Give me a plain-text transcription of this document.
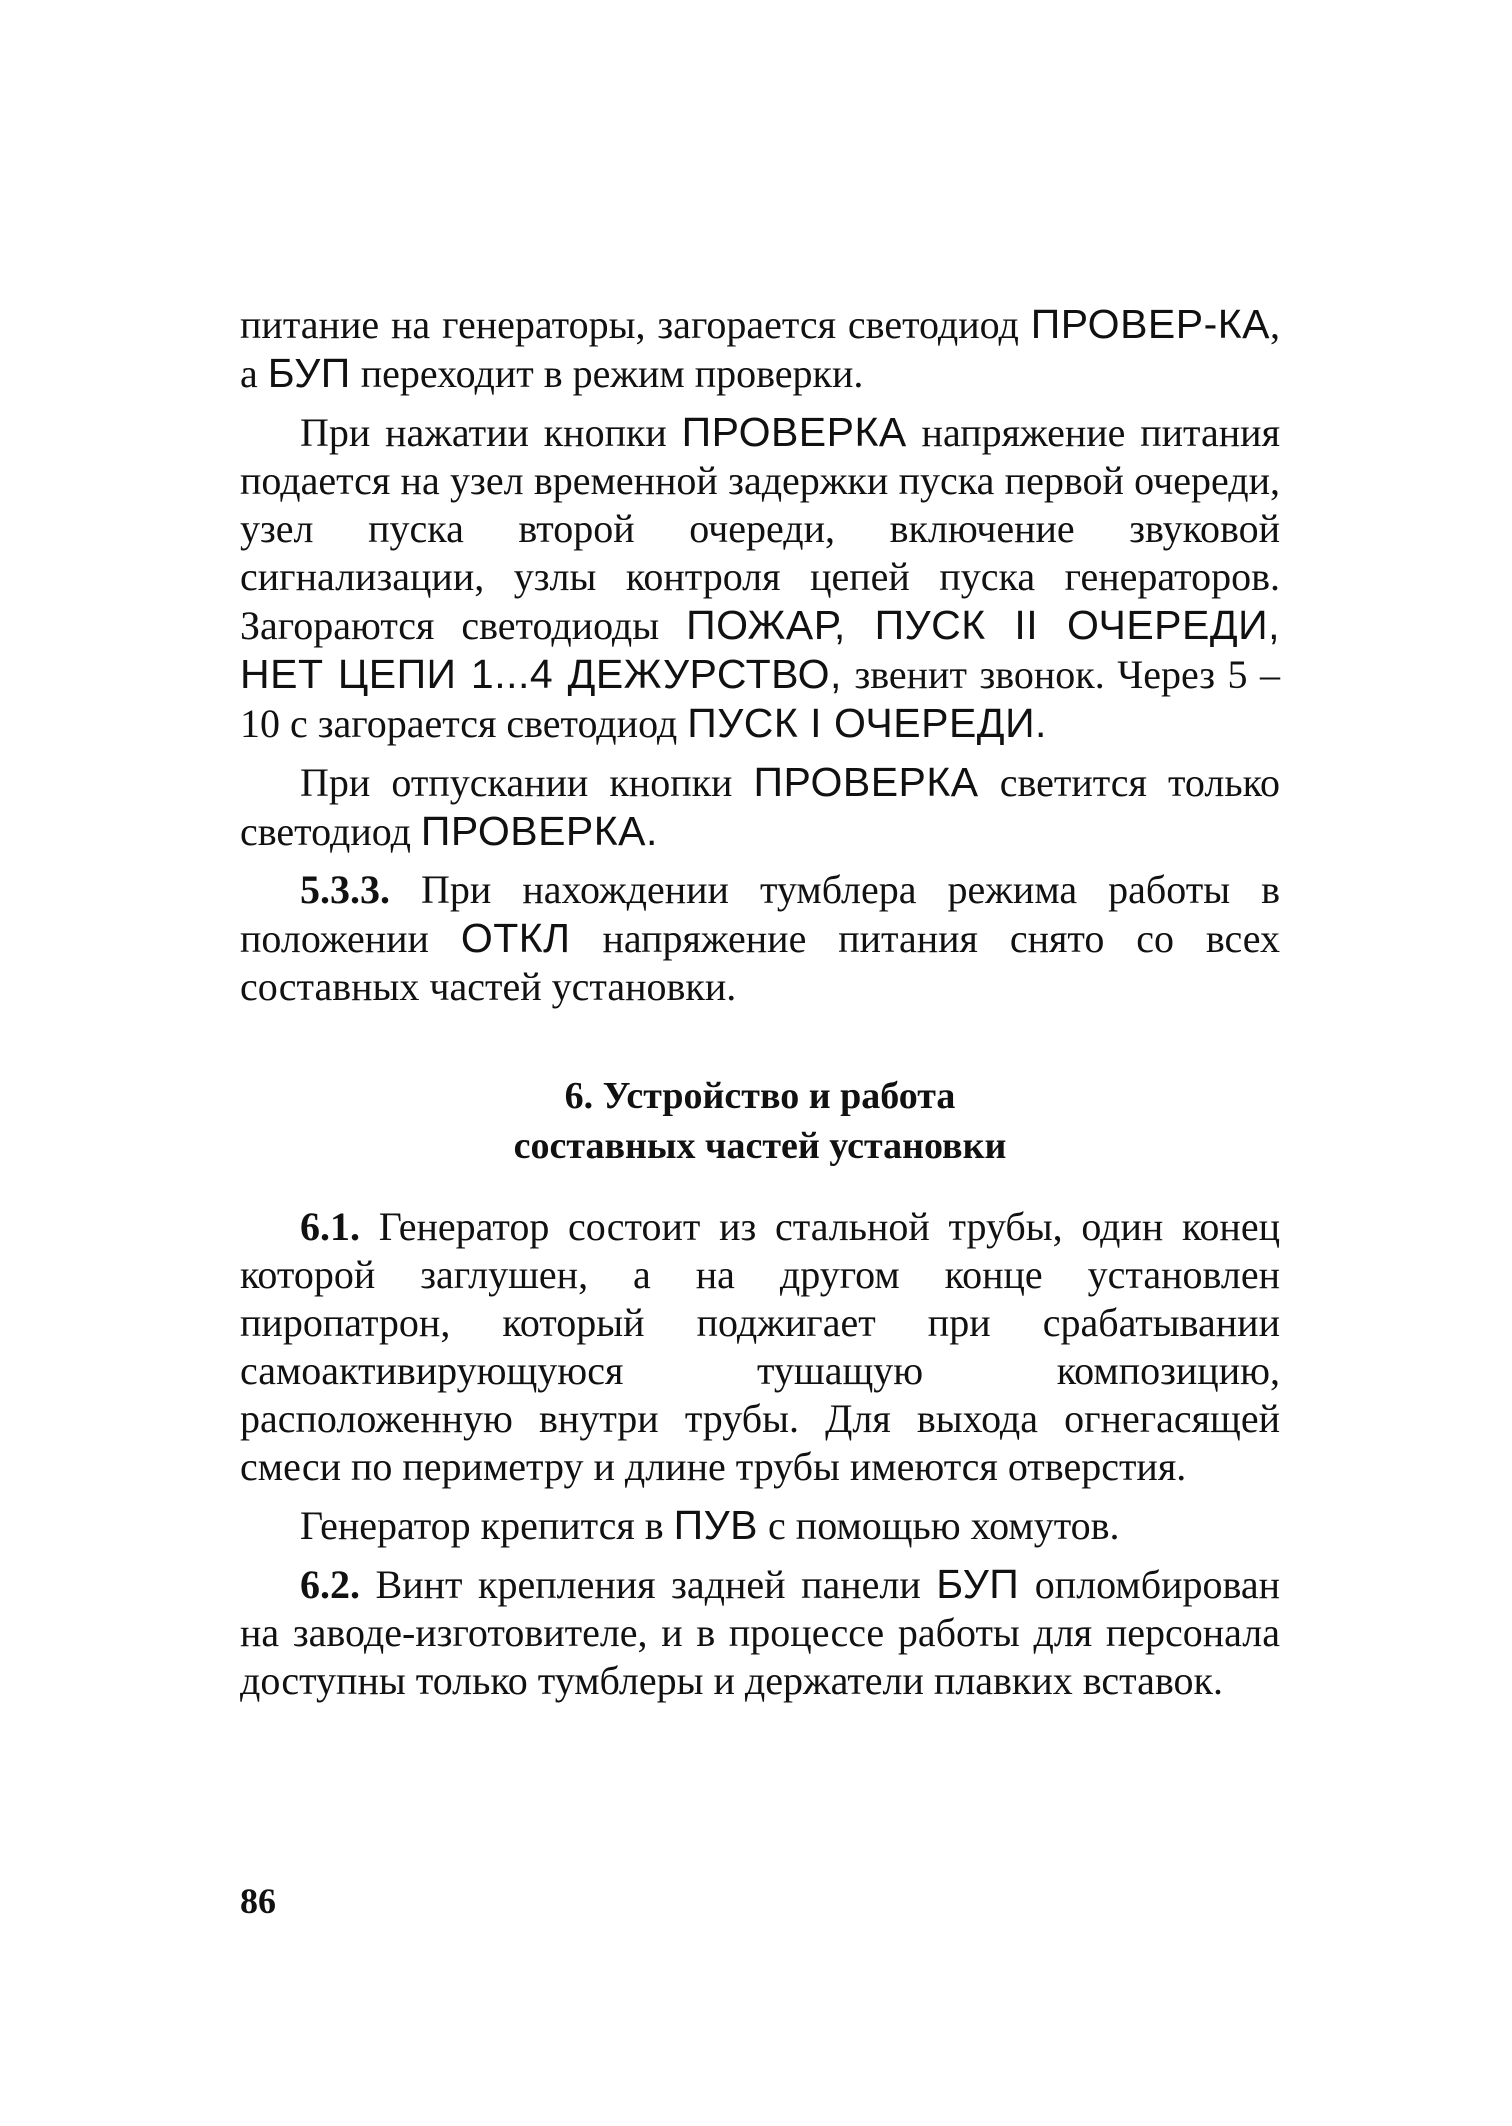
питание на генераторы, загорается светодиод ПРОВЕР-КА, а БУП переходит в режим проверки.

При нажатии кнопки ПРОВЕРКА напряжение питания подается на узел временной задержки пуска первой очереди, узел пуска второй очереди, включение звуковой сигнализации, узлы контроля цепей пуска генераторов. Загораются светодиоды ПОЖАР, ПУСК II ОЧЕРЕДИ, НЕТ ЦЕПИ 1...4 ДЕЖУРСТВО, звенит звонок. Через 5 – 10 с загорается светодиод ПУСК I ОЧЕРЕДИ.

При отпускании кнопки ПРОВЕРКА светится только светодиод ПРОВЕРКА.

5.3.3. При нахождении тумблера режима работы в положении ОТКЛ напряжение питания снято со всех составных частей установки.

6. Устройство и работа
составных частей установки

6.1. Генератор состоит из стальной трубы, один конец которой заглушен, а на другом конце установлен пиропатрон, который поджигает при срабатывании самоактивирующуюся тушащую композицию, расположенную внутри трубы. Для выхода огнегасящей смеси по периметру и длине трубы имеются отверстия.

Генератор крепится в ПУВ с помощью хомутов.

6.2. Винт крепления задней панели БУП опломбирован на заводе-изготовителе, и в процессе работы для персонала доступны только тумблеры и держатели плавких вставок.

86
